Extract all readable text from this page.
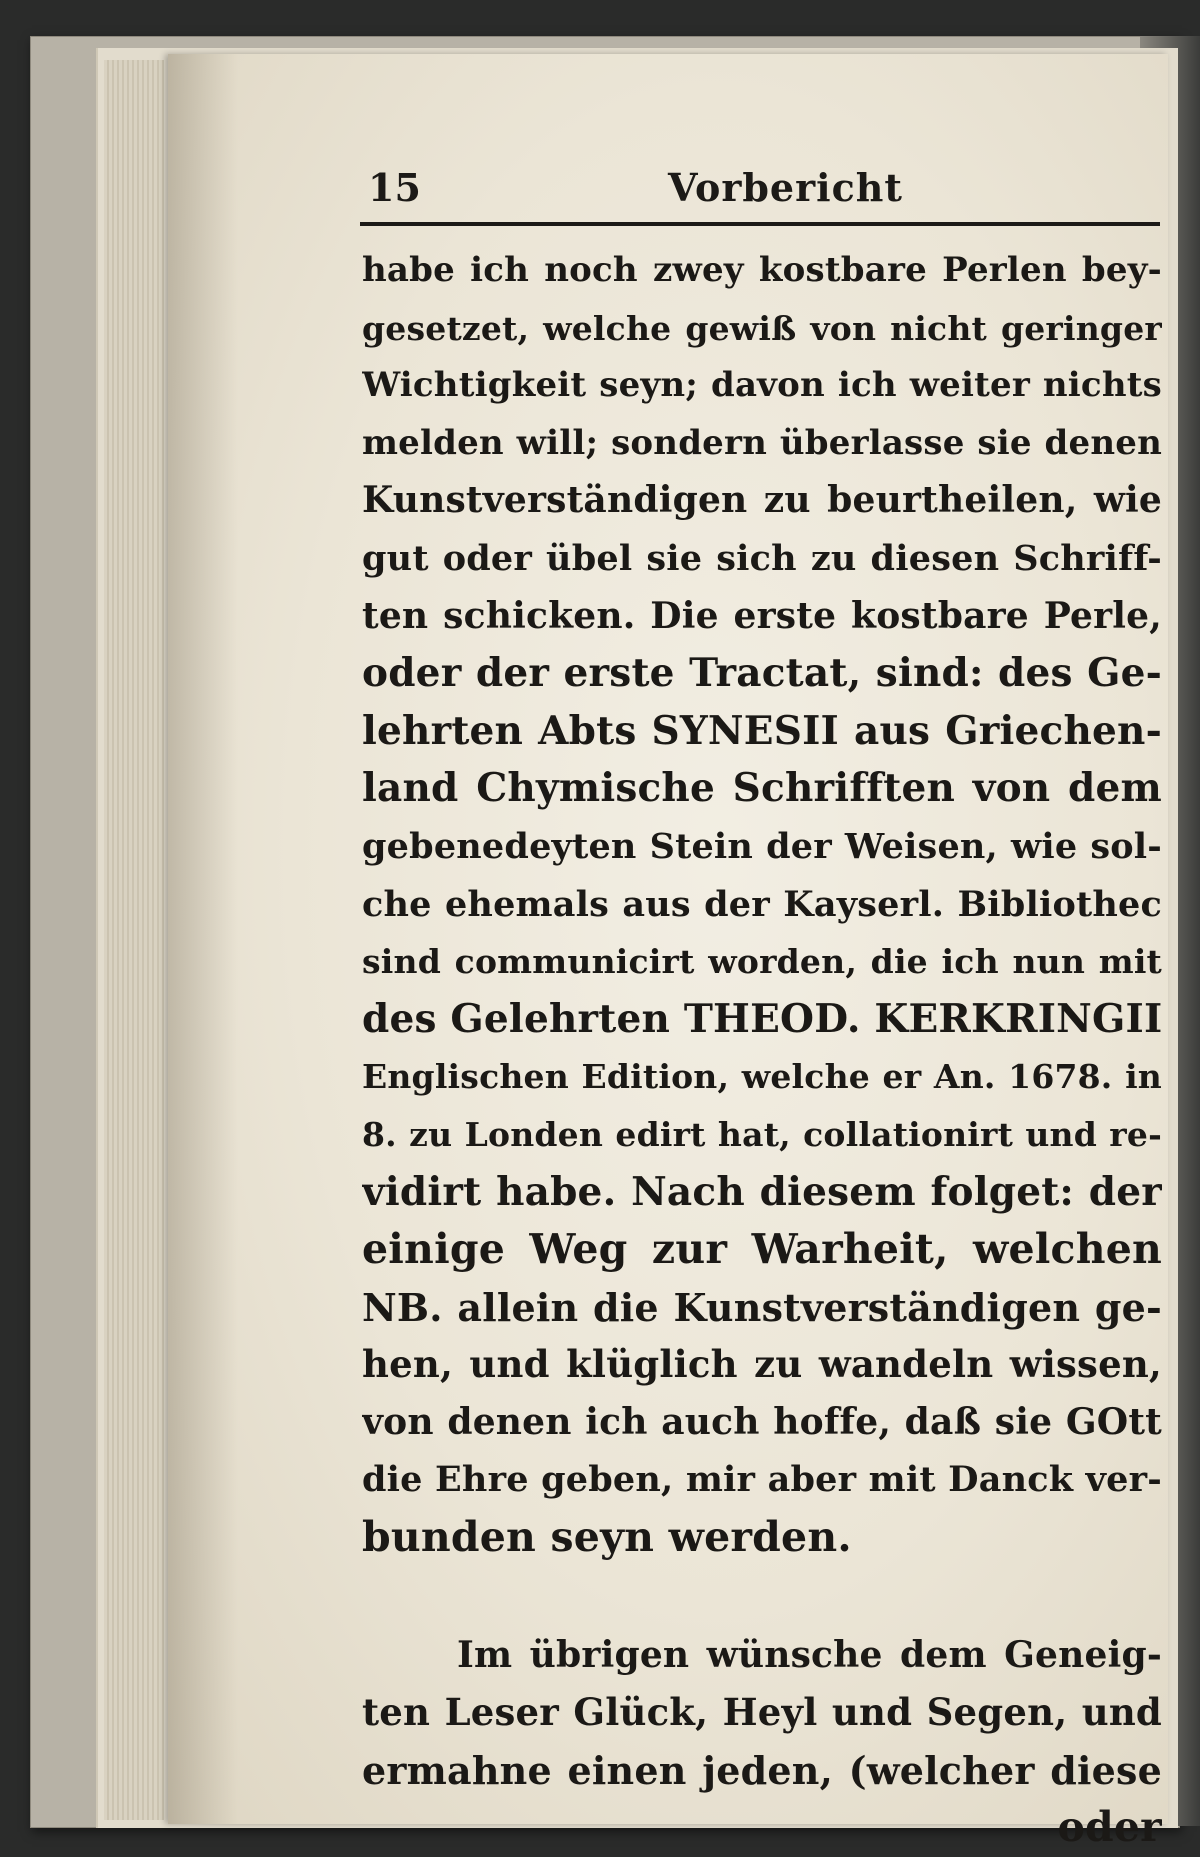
15	Vorbericht
habe ich noch zwey kostbare Perlen bey-
gesetzet, welche gewiß von nicht geringer
Wichtigkeit seyn; davon ich weiter nichts
melden will; sondern überlasse sie denen
Kunstverständigen zu beurtheilen, wie
gut oder übel sie sich zu diesen Schriff-
ten schicken. Die erste kostbare Perle,
oder der erste Tractat, sind: des Ge-
lehrten Abts SYNESII aus Griechen-
land Chymische Schrifften von dem
gebenedeyten Stein der Weisen, wie sol-
che ehemals aus der Kayserl. Bibliothec
sind communicirt worden, die ich nun mit
des Gelehrten THEOD. KERKRINGII
Englischen Edition, welche er An. 1678. in
8. zu Londen edirt hat, collationirt und re-
vidirt habe. Nach diesem folget: der
einige Weg zur Warheit, welchen
NB. allein die Kunstverständigen ge-
hen, und klüglich zu wandeln wissen,
von denen ich auch hoffe, daß sie GOtt
die Ehre geben, mir aber mit Danck ver-
bunden seyn werden.
Im übrigen wünsche dem Geneig-
ten Leser Glück, Heyl und Segen, und
ermahne einen jeden, (welcher diese
oder
